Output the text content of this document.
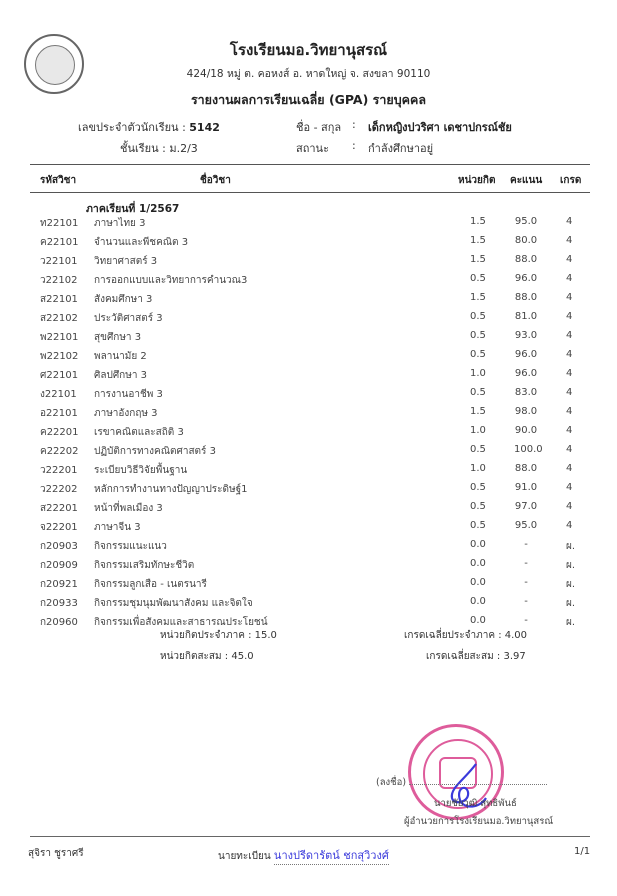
โรงเรียนมอ.วิทยานุสรณ์
424/18 หมู่ ต. คอหงส์ อ. หาดใหญ่ จ. สงขลา 90110
รายงานผลการเรียนเฉลี่ย (GPA) รายบุคคล
เลขประจำตัวนักเรียน : 5142
ชั้นเรียน : ม.2/3
ชื่อ - สกุล : เด็กหญิงปวริศา เดชาปกรณ์ชัย
สถานะ : กำลังศึกษาอยู่
รหัสวิชา	ชื่อวิชา	หน่วยกิต คะแนน เกรด
ภาคเรียนที่ 1/2567
ท22101 ภาษาไทย 3	1.5	95.0	4
ค22101 จำนวนและพีชคณิต 3	1.5	80.0	4
ว22101 วิทยาศาสตร์ 3	1.5	88.0	4
ว22102 การออกแบบและวิทยาการคำนวณ3	0.5	96.0	4
ส22101 สังคมศึกษา 3	1.5	88.0	4
ส22102 ประวัติศาสตร์ 3	0.5	81.0	4
พ22101 สุขศึกษา 3	0.5	93.0	4
พ22102 พลานามัย 2	0.5	96.0	4
ศ22101 ศิลปศึกษา 3	1.0	96.0	4
ง22101 การงานอาชีพ 3	0.5	83.0	4
อ22101 ภาษาอังกฤษ 3	1.5	98.0	4
ค22201 เรขาคณิตและสถิติ 3	1.0	90.0	4
ค22202 ปฏิบัติการทางคณิตศาสตร์ 3	0.5	100.0 4
ว22201 ระเบียบวิธีวิจัยพื้นฐาน	1.0	88.0	4
ว22202 หลักการทำงานทางปัญญาประดิษฐ์1	0.5	91.0	4
ส22201 หน้าที่พลเมือง 3	0.5	97.0	4
จ22201 ภาษาจีน 3	0.5	95.0	4
ก20903 กิจกรรมแนะแนว	0.0	-	ผ.
ก20909 กิจกรรมเสริมทักษะชีวิต	0.0	-	ผ.
ก20921 กิจกรรมลูกเสือ - เนตรนารี	0.0	-	ผ.
ก20933 กิจกรรมชุมนุมพัฒนาสังคม และจิตใจ	0.0	-	ผ.
ก20960 กิจกรรมเพื่อสังคมและสาธารณประโยชน์	0.0	-	ผ.
หน่วยกิตประจำภาค : 15.0
หน่วยกิตสะสม : 45.0
เกรดเฉลี่ยประจำภาค : 4.00
เกรดเฉลี่ยสะสม : 3.97
(ลงชื่อ)
นายชัยวุฒิ สุทธิพันธ์
ผู้อำนวยการโรงเรียนมอ.วิทยานุสรณ์
สุจิรา ชูราศรี	นายทะเบียน นางปรีดารัตน์ ชกสุวิวงศ์	1/1
